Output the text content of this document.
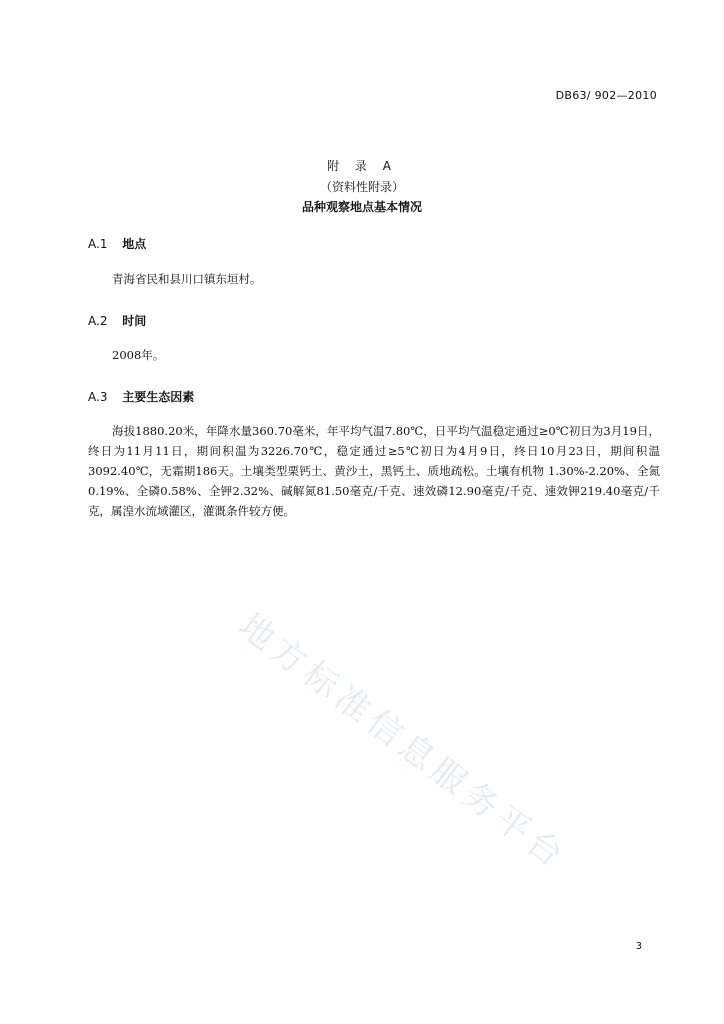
DB63/ 902—2010
附 录 A
（资料性附录）
品种观察地点基本情况
A.1 地点
青海省民和县川口镇东垣村。
A.2 时间
2008年。
A.3 主要生态因素
海拔1880.20米，年降水量360.70毫米，年平均气温7.80℃，日平均气温稳定通过≥0℃初日为3月19日，终日为11月11日，期间积温为3226.70℃，稳定通过≥5℃初日为4月9日，终日10月23日，期间积温3092.40℃，无霜期186天。土壤类型栗钙土、黄沙土，黑钙土、质地疏松。土壤有机物 1.30%-2.20%、全氮0.19%、全磷0.58%、全钾2.32%、碱解氮81.50毫克/千克、速效磷12.90毫克/千克、速效钾219.40毫克/千克，属湟水流域灌区，灌溉条件较方便。
地方标准信息服务平台
3
